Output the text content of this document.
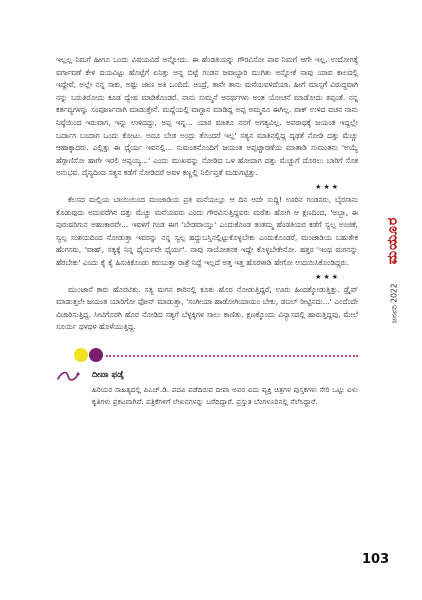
ಇಲ್ಲಲ್ಲ ನಿಮಗೆ ಹೀಗೂ ಒಂದು ವಿಷಯವಿದೆ ಅನ್ನೋದು. ಈ ಹೆಂಡತಿಯನ್ನು ಗೌರವಿಸೋ ಪಾಠ ನಿಮಗೆ ಆಗೇ ಇಲ್ಲ. ಉದೋಗಕ್ಕೆ ವರ್ಗಾವಣೆ ಕೇಳಿ ದಯವಿಟ್ಟು ಹೊಟ್ಟೆಗೆ ಏನಿತ್ತು ಅನ್ನ ಬಿಟ್ಟೆ ಗಂಡನ ಜವಾಬ್ದಾರಿ ಮುಗಿತು ಅನ್ನೋಕೆ ನಾವು ಯಾವ ಕಾಲದಲ್ಲಿ ಇದ್ದೇವೆ, ಅಲ್ಲೇ ನನ್ನ ಸಾಕು, ಅಷ್ಟು ಜಾಣ ಅತಿ ಒಂದಿದೆ. ಅಂದ್ರೆ, ತಾನೇ ತಾನು ಮನೆಯವಳಿದೆಯಾ. ಹೀಗೆ ಮಾಸ್ಸಗೆ ವಿರುದ್ಧವಾಗಿ ನನ್ನು ಬರುತಿರೋದು ಕೂಡ ದ್ವೇಷ ಮಾಡಿಕೊಂಡರೆ. ನಾನು ಸುಮ್ಮನೆ ಅನರ್ಥಗಳು ಅಂತ ಯೋಚನೆ ಮಾಡೋದು ತಪ್ಪಂತೆ. ನನ್ನ ಕರ್ತವ್ಯಗಳನ್ನು ಸಂಪೂರ್ಣವಾಗಿ ಮಾಡುತ್ತೇನೆ. ಮದ್ದೆಯಲ್ಲಿ ವಾಗ್ದಾನ ಮಾಡಿದ್ದ ಅಪ್ಪ ಅಮ್ಮನೂ ಈಗಿಲ್ಲ. ವಾಕ್ ಉಳಿದ ವಚನ ನಾನು ನಿಷ್ಠೆಯಿಂದ ಇರುವಾಗ, ಇನ್ನು ಉಳಿದದ್ದು, ಅಪ್ಪ ಇನ್ನ... ಯಾರ ಮಾತೂ ನನಗೆ ಅಗತ್ಯವಿಲ್ಲ. ಅಪರಾಧಕ್ಕೆ ಜಯಂತ ಇದ್ದಲ್ಲೇ ಬರ್ದಾಗ ಬಂದಾಗ ಒಂದು ಕೋಟು. ಅದೂ ಬೇಡ ಅಂದ್ರು ತೊಂದರೆ ಇಲ್ಲ' ಸತ್ಯನ ಮಾತಿನಲ್ಲಿದ್ದ ದೃಢತೆ ನೋಡಿ ದತ್ತು ಮೆಚ್ಚು ಆಹಾಕ್ಕಾದರು. ಎಲ್ಲಿತ್ತು ಈ ಧೈರ್ಯ ಇವನಲ್ಲಿ... ಸುಮಂತನೊಂದಿಗೆ ಜಯಂತ ಅಪ್ಪಚ್ಚಾರಣೆಯ ಮಾತಾಡಿ ಸುಮಂತನು 'ಅಯ್ಯೆ ಹೆಗ್ಗಾಣಿಸೋ ಹಾಗೇ ಇರಲಿ ಅಪ್ಪಯ್ಯ...' ಎಂದು ಮುಖವನ್ನು ನೋಡಿದ ಒಳ ಹೋದಾಗ ದತ್ತು ಮೆಚ್ಚುಗೆ ದೊರಲು ಬಾರಿಗೆ ಸೊಕ ಅನುಭವ. ದೈನ್ಯದಿಂದ ಸತ್ಯನ ಕಡೆಗೆ ನೋಡಿದರೆ ಅವಳ ಕಣ್ಣಲ್ಲಿ ನಿರ್ಲಿಪ್ತತೆ ಮಡುಗಟ್ಟಿತ್ತು.

★★★

ಕೆಲಸದ ಮಲ್ಲಿಯ ಬಾಯಿಯಿಂದ ಮಂಜಾಡಿಯ ಪ್ರತಿ ಮನೆಯಲ್ಲೂ ಆ ದಿನ ಅದೇ ಸುದ್ದಿ! ಊರಿನ ಗಂಡಸರು, ಬೈರಸಾನು ಕೊಡುವುದು ಅದುವರೆಗಿನ ದತ್ತು ಮೆಚ್ಚು ಮನೆಯವರು ಎಂದು ಗೌರವಿಸುತ್ತಿದ್ದವರು ಮರೆತು ಹೋಗಿ ಆ ಕ್ಷಣದಿಂದ, 'ಅಬ್ಬಾ, ಈ ಪುರುಷರಿಗುನ ಅಹಂಕಾರವೇ... ಇವಳಿಗೆ ಗಂಡ ಈಗ 'ಬೇಡವಾಯ್ತು' ಎಂದುಕೊಂಡ ತಂತಮ್ಮ ಹೆಂಡತಿಯರ ಕಡೆಗೆ ಸ್ವಲ್ಪ ಅಂಜಿಕೆ, ಸ್ವಲ್ಪ ಸಂಶಯದಿಂದ ನೋಡುತ್ತಾ ಇವರನ್ನು ನನ್ನ ಸ್ವಲ್ಪ ಹದ್ದುಬಸ್ತಿನಲ್ಲಿಟ್ಟುಕೊಳ್ಳಬೇಕು ಎಂದುಕೊಂಡರೆ, ಮಂಜಾಡಿಯ ಬಹುತೇಕ ಹೆಂಗಸರು, 'ವಾಹ್, ಸತ್ಯಕ್ಕೆ ನಿನ್ನ ಧೈರ್ಯವೇ ಧೈರ್ಯ'. ನಾವು ಸಾಯೋತನಕ ಇದ್ದೇ ಕೊಳ್ಳಬೇಕೇನೋ. ಹತ್ತರ 'ಇಂಥ ಮಗನನ್ನು ಹೆರಬೇಕು' ಎಂದು ಕೈ ಕೈ ಹಿಸುಕಿಕೊಂಡು ಕರುಬುತ್ತಾ ರಾತ್ರೆ ನಿದ್ದೆ ಇಲ್ಲದೆ ಅತ್ತ ಇತ್ತ ಹೊರಳಾಡಿ ಹೇಗೋ ಉದಯಿಸಿಕೊಂಡಿದ್ದರು.

★★★

ಮುಂಜಾನೆ ಕಾರು ಹೊರಟಿತು. ಸತ್ಯ ಮಗನ ಕಾರಿನಲ್ಲಿ ಕೂತು ಹೊರ ನೋಡುತ್ತಿದ್ದರೆ, ಊರು ಹಿಂದಕ್ಕೋಡುತ್ತಿತ್ತು. ಡ್ರೈವ್ ಮಾಡುತ್ತಲೇ ಜಯಂತ ಯಾರಿಗೋ ಫೋನ್ ಮಾಡುತ್ತಾ, 'ಸಂಗೀಯಾ ಹಾಡೋಗಿಯಾಯಂ ಬೇಕು, ಡಬಲ್ ರೀಟ್ಟಿನದು...' ಎಂದೆಂದೇ ವಿಚಾರಿಸುತ್ತಿದ್ದ. ಸೀಟಿಗೊರಗಿ ಹೊರ ನೋಡಿದ ಸತ್ಯಗೆ ಬೆಳ್ಳಕ್ಕಿಗಳ ಸಾಲು ಕಾಣಿತು. ಕ್ಷಣಕ್ಕೊಂದು ವಿನ್ಯಾಸದಲ್ಲಿ ಹಾರುತ್ತಿದ್ದವು, ಮೇಲೆ ಸೂರ್ಯ ಥಳಥಳ ಹೊಳೆಯುತ್ತಿದ್ದ.

ದೀಪಾ ಫಡ್ಕೆ

ಹಿರಿಯರ ಸಾಹಿತ್ಯದಲ್ಲಿ ಪಿಎಚ್.ಡಿ. ಪದವಿ ಪಡೆದಿರುವ ದೀಪಾ ಅವರ ಐದು ವ್ಯಕ್ತಿ ಚಿತ್ರಗಳ ಪುಸ್ತಕಗಳು ಸೇರಿ ಒಟ್ಟು ಐಳು ಕೃತಿಗಳು ಪ್ರಕಟವಾಗಿವೆ. ಪತ್ರಿಕೆಗಳಿಗೆ ಲೇಖನಗಳನ್ನು ಬರೆದಿದ್ದಾರೆ. ಪ್ರಸ್ತುತ ಬೆಂಗಳೂರಿನಲ್ಲಿ ನೆಲೆಸಿದ್ದಾರೆ.

ಜನವರಿ 2022 ಮಯೂರ
103
